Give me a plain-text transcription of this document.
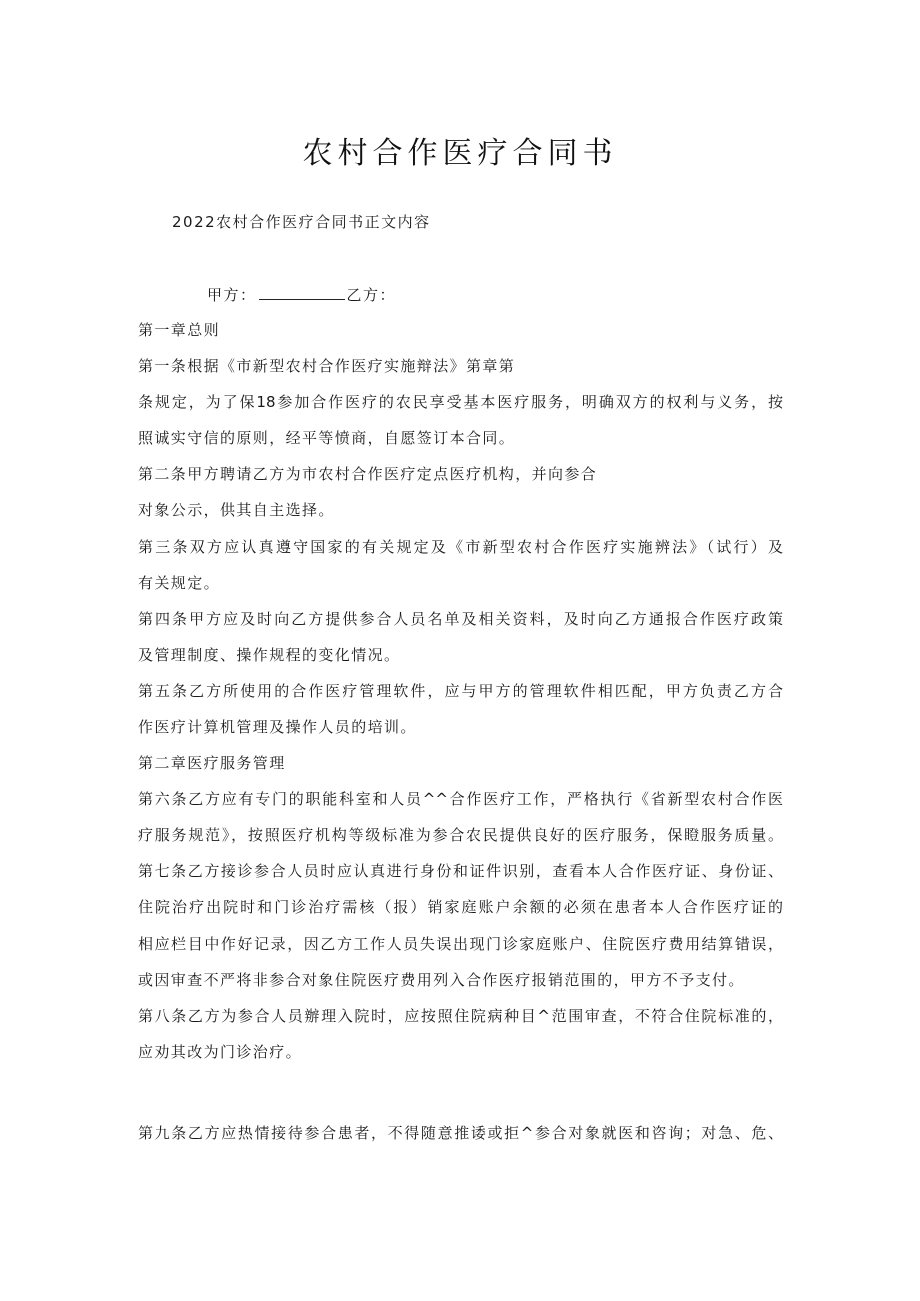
农村合作医疗合同书
2022农村合作医疗合同书正文内容
甲方：	乙方：
第一章总则
第一条根据《市新型农村合作医疗实施辩法》第章第
条规定，为了保18参加合作医疗的农民享受基本医疗服务，明确双方的权利与义务，按
照诚实守信的原则，经平等愤商，自愿签订本合同。
第二条甲方聘请乙方为市农村合作医疗定点医疗机构，并向参合
对象公示，供其自主选择。
第三条双方应认真遵守国家的有关规定及《市新型农村合作医疗实施辨法》（试行）及
有关规定。
第四条甲方应及时向乙方提供参合人员名单及相关资料，及时向乙方通报合作医疗政策
及管理制度、操作规程的变化情况。
第五条乙方所使用的合作医疗管理软件，应与甲方的管理软件相匹配，甲方负责乙方合
作医疗计算机管理及操作人员的培训。
第二章医疗服务管理
第六条乙方应有专门的职能科室和人员^^合作医疗工作，严格执行《省新型农村合作医
疗服务规范》，按照医疗机构等级标准为参合农民提供良好的医疗服务，保瞪服务质量。
第七条乙方接诊参合人员时应认真进行身份和证件识别，查看本人合作医疗证、身份证、
住院治疗出院时和门诊治疗需核（报）销家庭账户余额的必须在患者本人合作医疗证的
相应栏目中作好记录，因乙方工作人员失误出现门诊家庭账户、住院医疗费用结算错误，
或因审查不严将非参合对象住院医疗费用列入合作医疗报销范围的，甲方不予支付。
第八条乙方为参合人员辦理入院时，应按照住院病种目^范围审查，不符合住院标准的，
应劝其改为门诊治疗。
第九条乙方应热情接待参合患者，不得随意推诿或拒^参合对象就医和咨询；对急、危、
